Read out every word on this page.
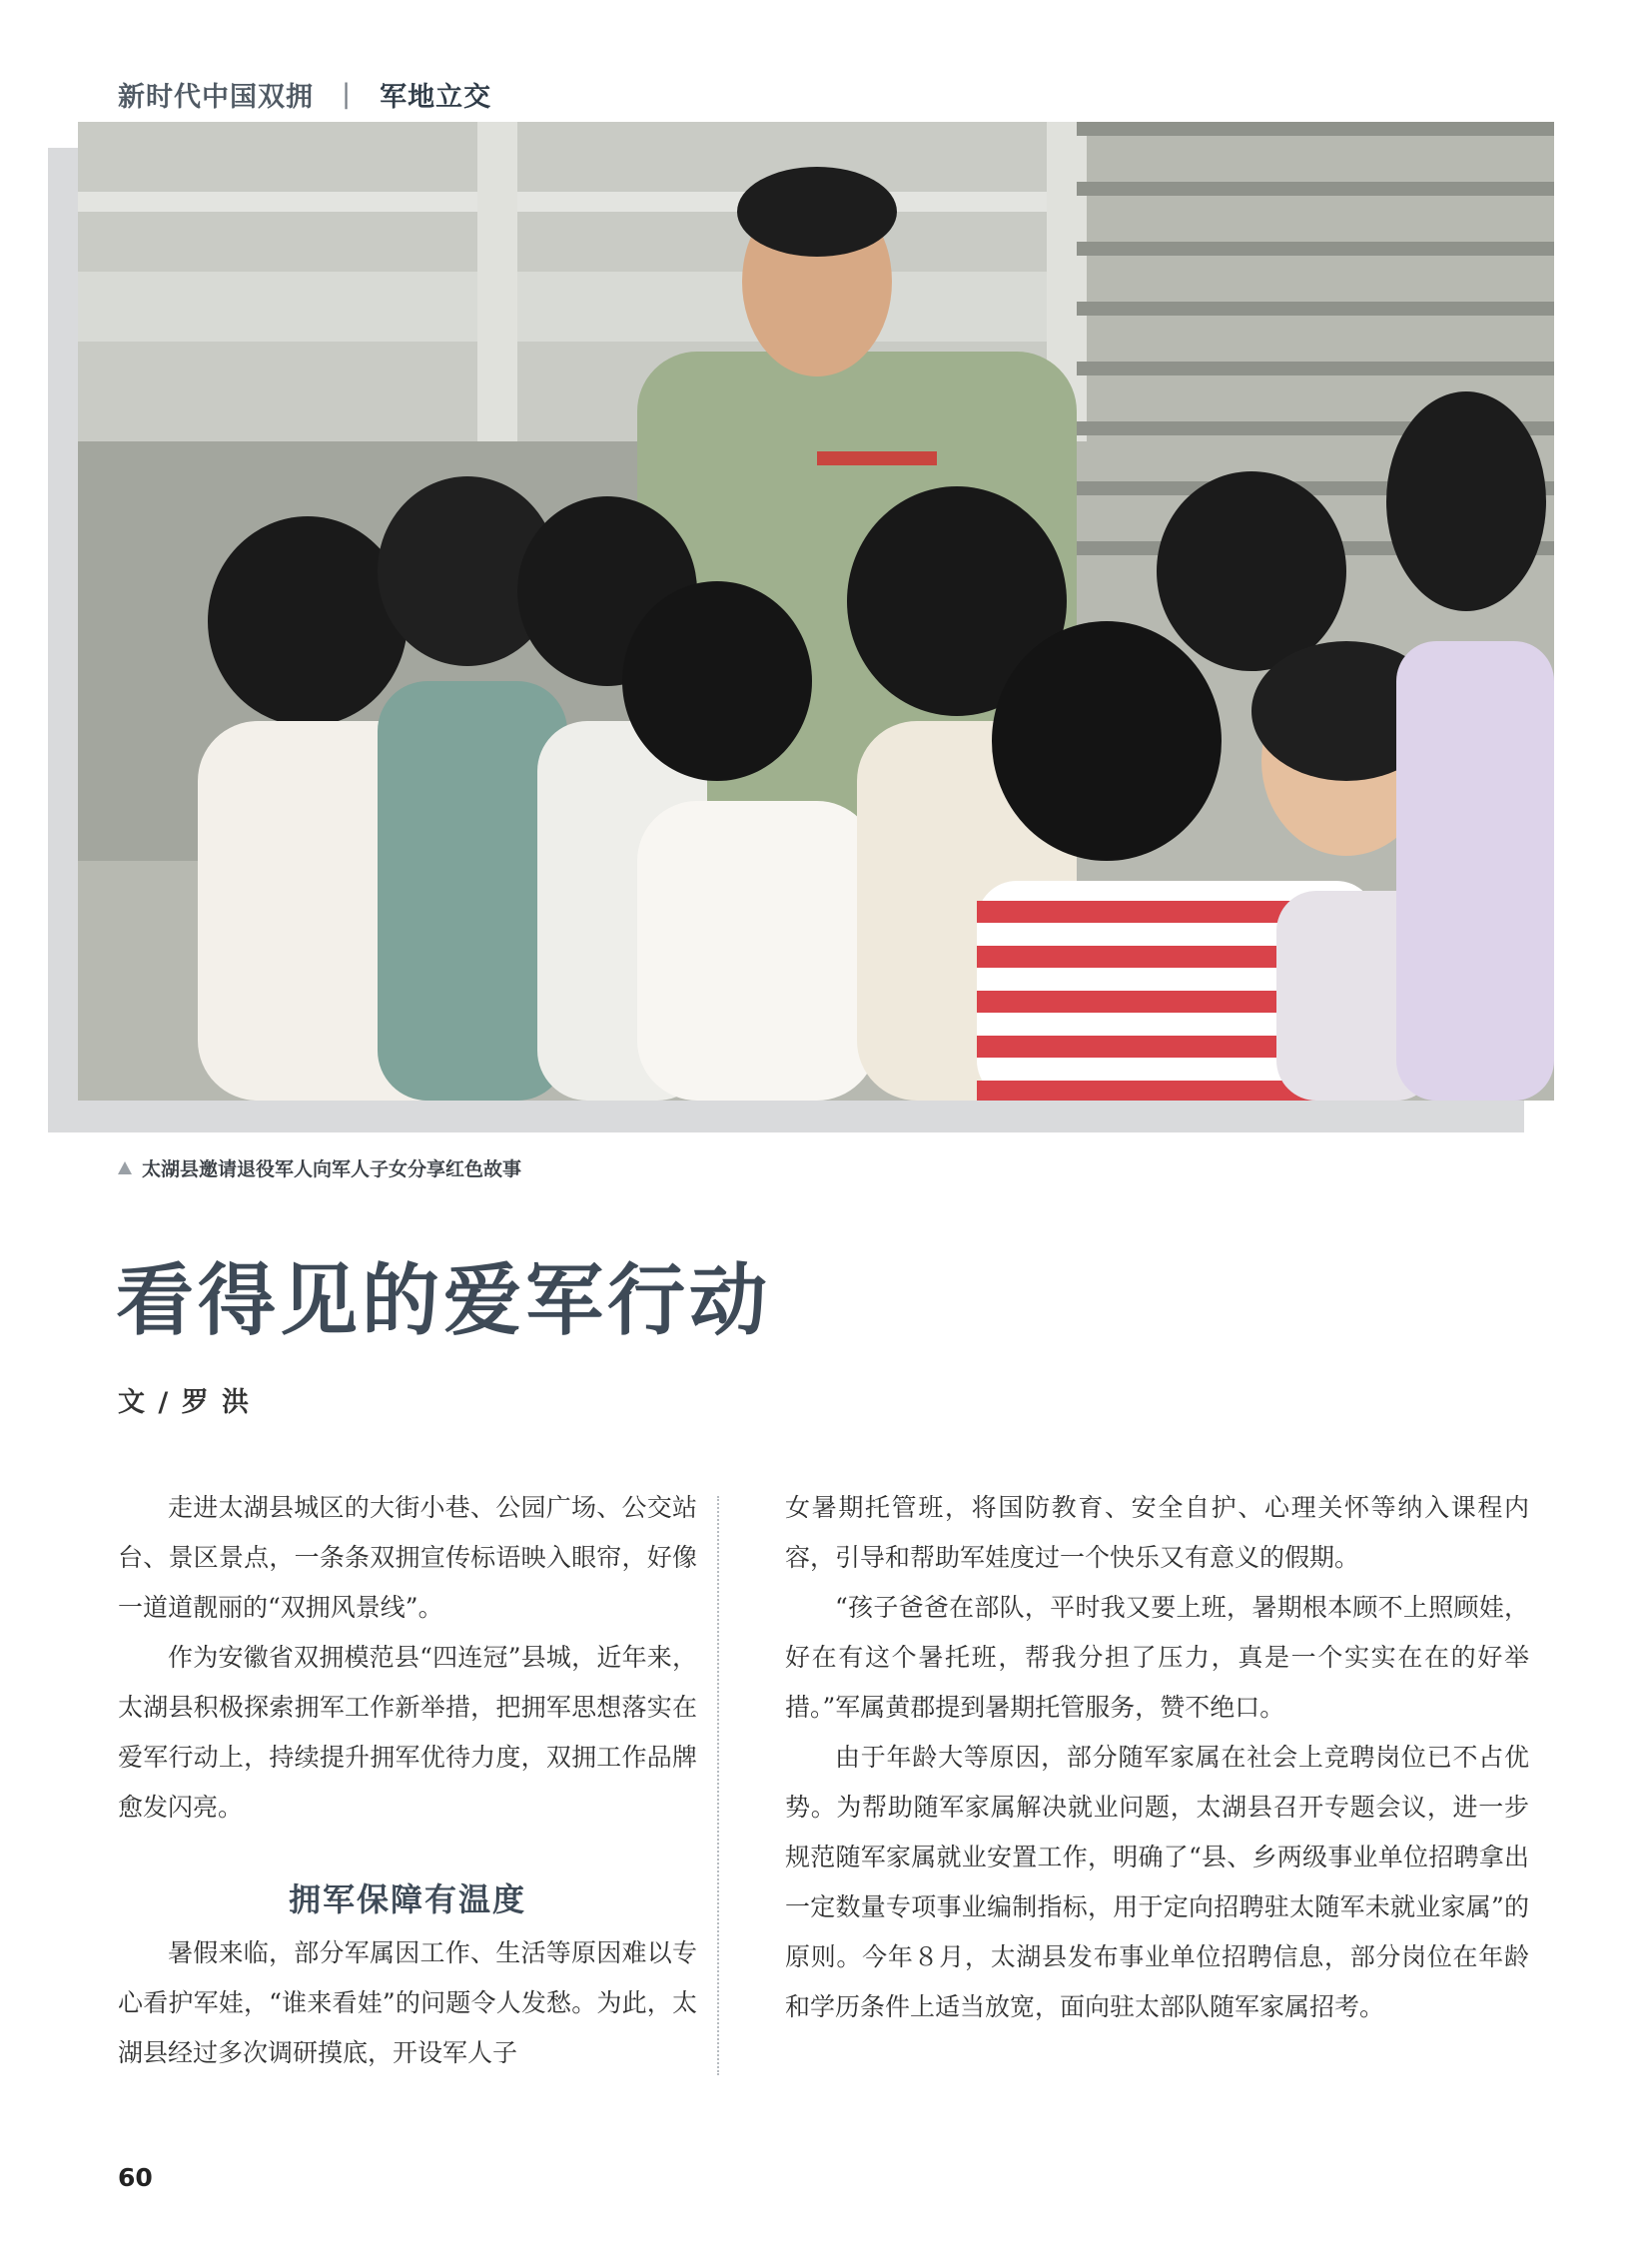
新时代中国双拥 | 军地立交
太湖县邀请退役军人向军人子女分享红色故事
看得见的爱军行动
文 / 罗 洪

走进太湖县城区的大街小巷、公园广场、公交站台、景区景点，一条条双拥宣传标语映入眼帘，好像一道道靓丽的“双拥风景线”。

作为安徽省双拥模范县“四连冠”县城，近年来，太湖县积极探索拥军工作新举措，把拥军思想落实在爱军行动上，持续提升拥军优待力度，双拥工作品牌愈发闪亮。

拥军保障有温度

暑假来临，部分军属因工作、生活等原因难以专心看护军娃，“谁来看娃”的问题令人发愁。为此，太湖县经过多次调研摸底，开设军人子

女暑期托管班，将国防教育、安全自护、心理关怀等纳入课程内容，引导和帮助军娃度过一个快乐又有意义的假期。

“孩子爸爸在部队，平时我又要上班，暑期根本顾不上照顾娃，好在有这个暑托班，帮我分担了压力，真是一个实实在在的好举措。”军属黄郡提到暑期托管服务，赞不绝口。

由于年龄大等原因，部分随军家属在社会上竞聘岗位已不占优势。为帮助随军家属解决就业问题，太湖县召开专题会议，进一步规范随军家属就业安置工作，明确了“县、乡两级事业单位招聘拿出一定数量专项事业编制指标，用于定向招聘驻太随军未就业家属”的原则。今年８月，太湖县发布事业单位招聘信息，部分岗位在年龄和学历条件上适当放宽，面向驻太部队随军家属招考。

60
